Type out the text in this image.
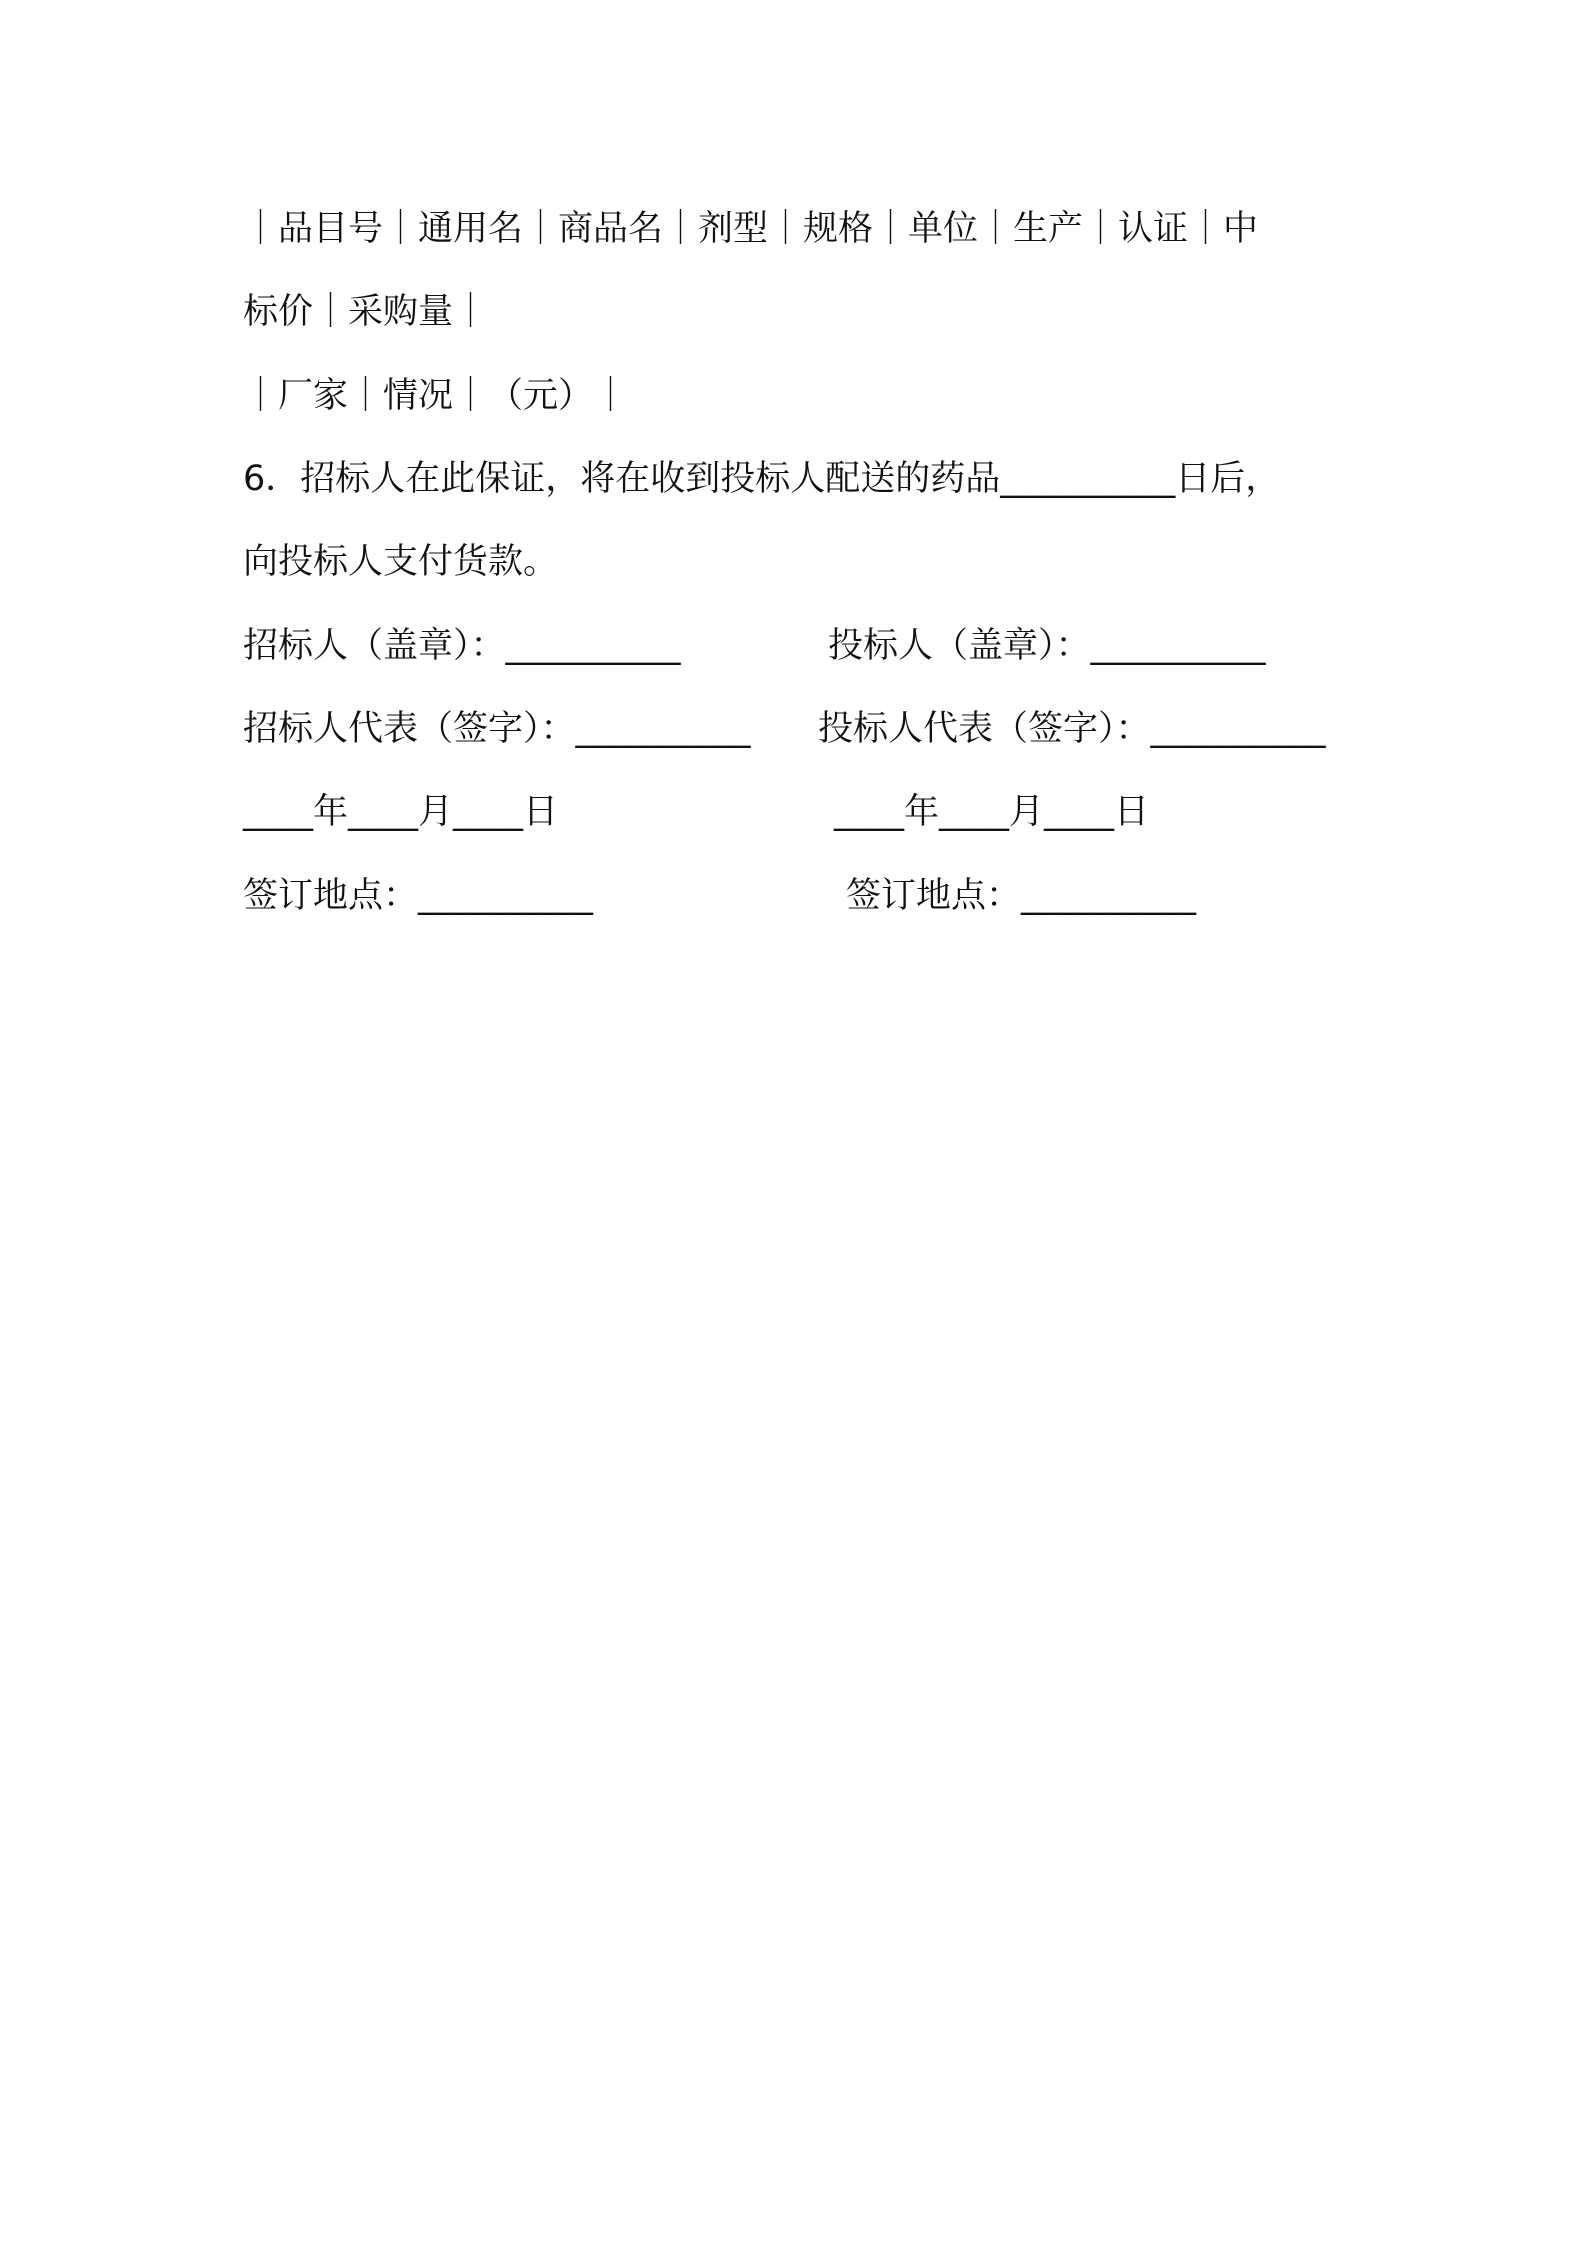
｜品目号｜通用名｜商品名｜剂型｜规格｜单位｜生产｜认证｜中
标价｜采购量｜
｜厂家｜情况｜（元）｜
6．招标人在此保证，将在收到投标人配送的药品__________日后，
向投标人支付货款。
招标人（盖章）：__________	投标人（盖章）：__________
招标人代表（签字）：__________ 投标人代表（签字）：__________
____年____月____日	____年____月____日
签订地点：__________	签订地点：__________
